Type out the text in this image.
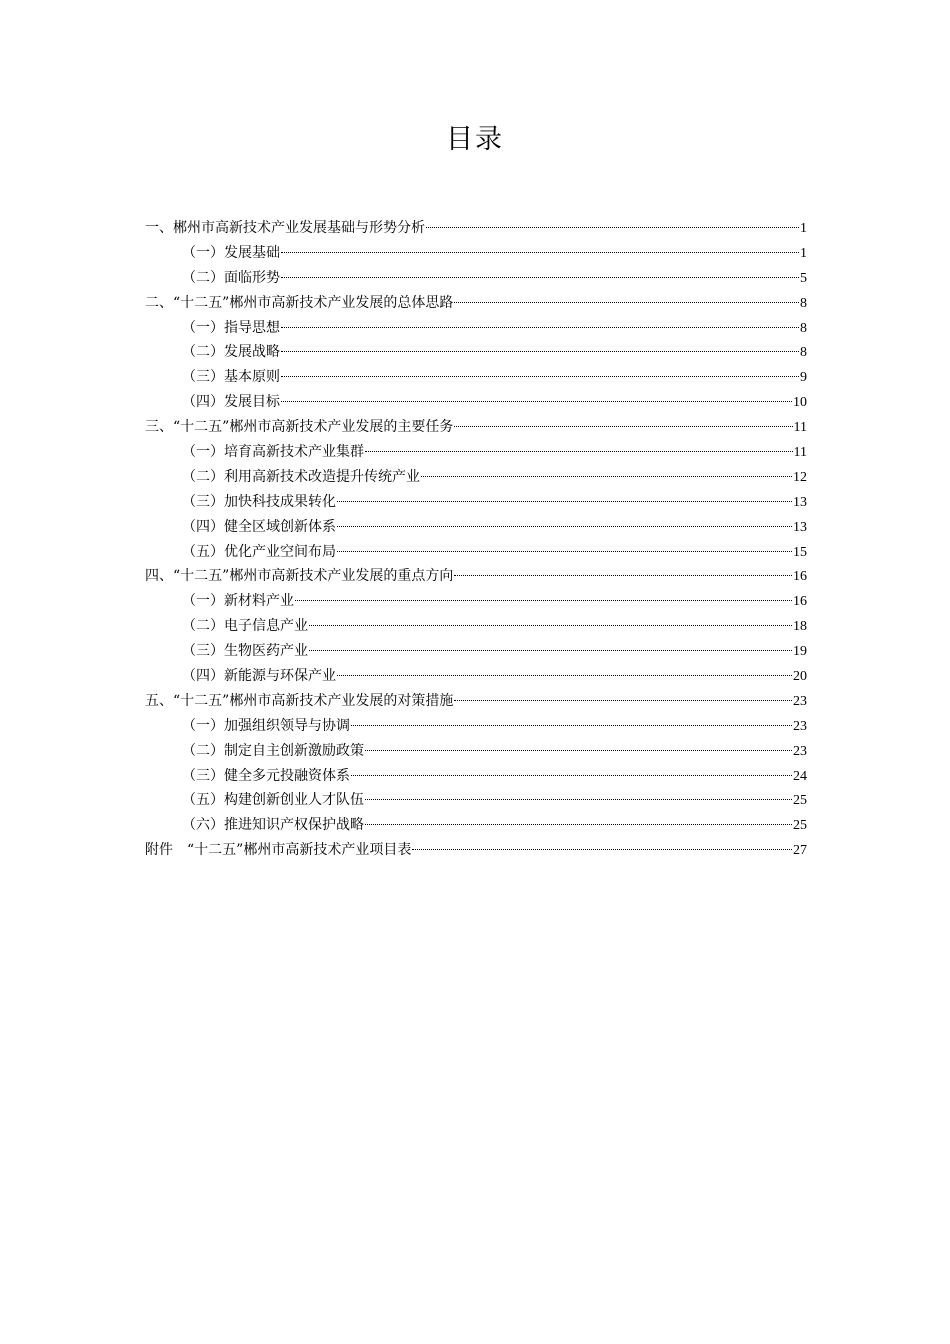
目录
一、郴州市高新技术产业发展基础与形势分析	1
（一）发展基础	1
（二）面临形势	5
二、“十二五”郴州市高新技术产业发展的总体思路	8
（一）指导思想	8
（二）发展战略	8
（三）基本原则	9
（四）发展目标	10
三、“十二五”郴州市高新技术产业发展的主要任务	11
（一）培育高新技术产业集群	11
（二）利用高新技术改造提升传统产业	12
（三）加快科技成果转化	13
（四）健全区域创新体系	13
（五）优化产业空间布局	15
四、“十二五”郴州市高新技术产业发展的重点方向	16
（一）新材料产业	16
（二）电子信息产业	18
（三）生物医药产业	19
（四）新能源与环保产业	20
五、“十二五”郴州市高新技术产业发展的对策措施	23
（一）加强组织领导与协调	23
（二）制定自主创新激励政策	23
（三）健全多元投融资体系	24
（五）构建创新创业人才队伍	25
（六）推进知识产权保护战略	25
附件　“十二五”郴州市高新技术产业项目表	27
